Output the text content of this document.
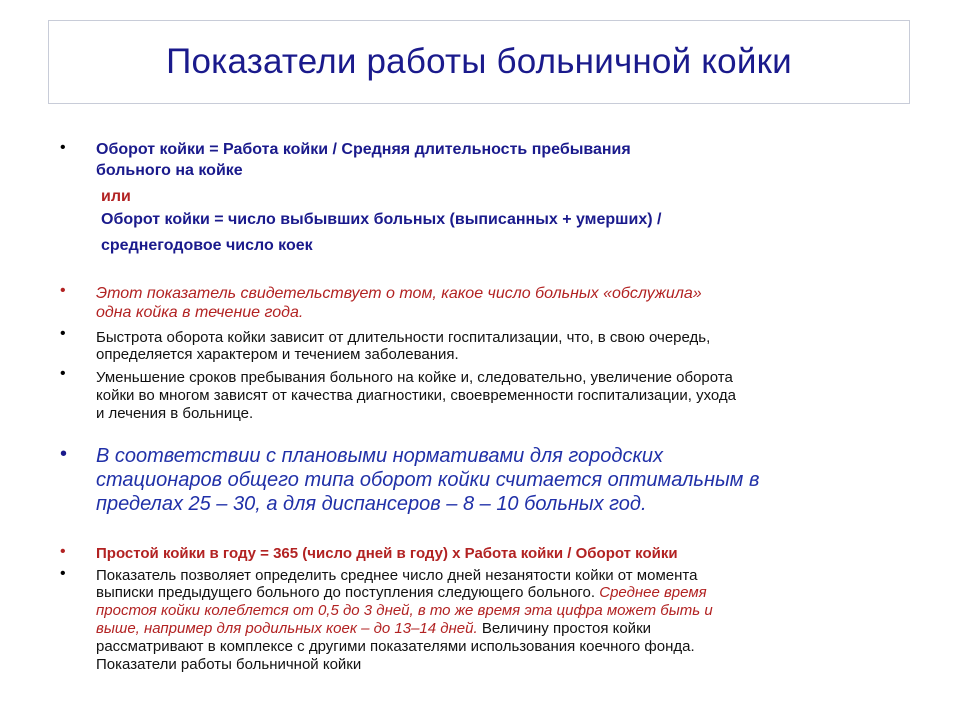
Показатели работы больничной койки
• Оборот койки = Работа койки / Средняя длительность пребывания
больного на койке
или
Оборот койки = число выбывших больных (выписанных + умерших) /
среднегодовое число коек
• Этот показатель свидетельствует о том, какое число больных «обслужила»
одна койка в течение года.
• Быстрота оборота койки зависит от длительности госпитализации, что, в свою очередь,
определяется характером и течением заболевания.
• Уменьшение сроков пребывания больного на койке и, следовательно, увеличение оборота
койки во многом зависят от качества диагностики, своевременности госпитализации, ухода
и лечения в больнице.
• В соответствии с плановыми нормативами для городских
стационаров общего типа оборот койки считается оптимальным в
пределах 25 – 30, а для диспансеров – 8 – 10 больных год.
• Простой койки в году = 365 (число дней в году) х Работа койки / Оборот койки
• Показатель позволяет определить среднее число дней незанятости койки от момента
выписки предыдущего больного до поступления следующего больного. Среднее время
простоя койки колеблется от 0,5 до 3 дней, в то же время эта цифра может быть и
выше, например для родильных коек – до 13–14 дней. Величину простоя койки
рассматривают в комплексе с другими показателями использования коечного фонда.
Показатели работы больничной койки
